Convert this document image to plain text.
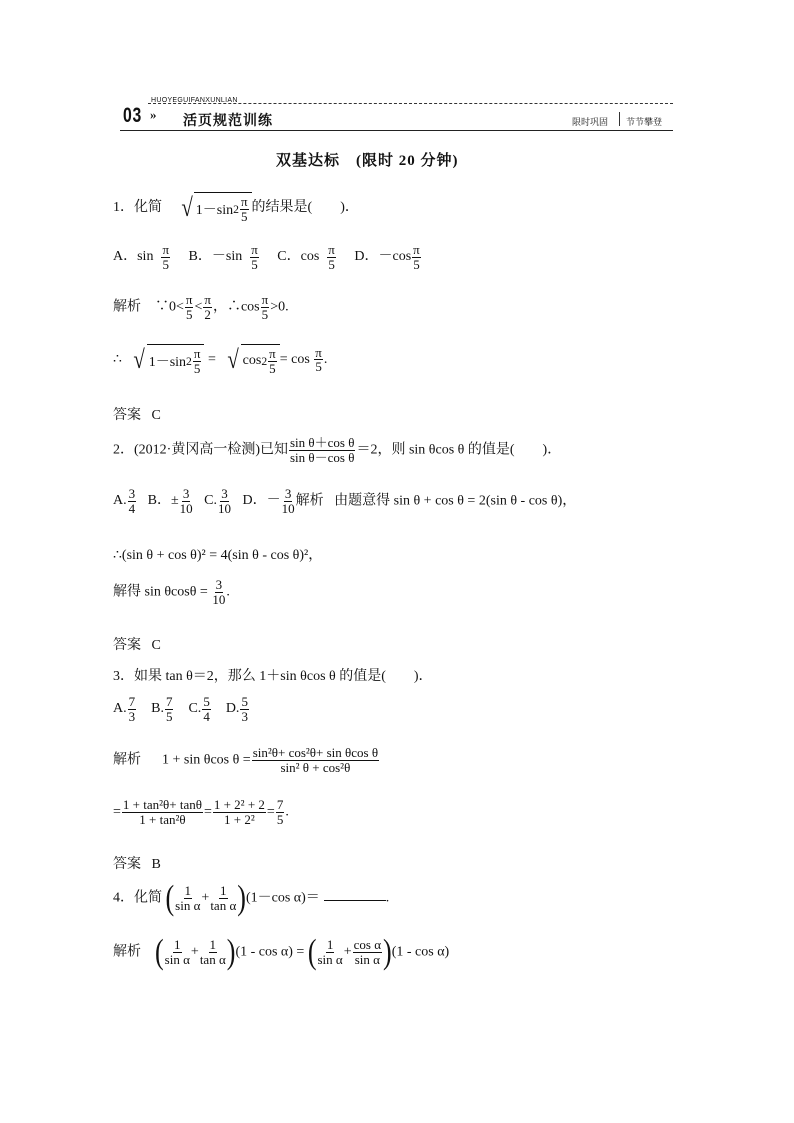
HUOYEGUIFANXUNLIAN
03 » 活页规范训练	限时巩固 节节攀登
双基达标　(限时 20 分钟)
1．化简 √ 1－sin $2 \frac{\pi}{5}$ 的结果是(　　)．
A．$\sin \frac{\pi}{5}$ B．$-\sin \frac{\pi}{5}$ C．$\cos \frac{\pi}{5}$ D．$-\cos \frac{\pi}{5}$
解析 ∵0< $\frac{\pi}{5} < \frac{\pi}{2}$ ，∴cos $\frac{\pi}{5} >0$.
∴ √ 1－sin $2 \frac{\pi}{5}$ = √ $\cos 2 \frac{\pi}{5} = \cos \frac{\pi}{5}$ .
答案 C
2．(2012·黄冈高一检测)已知 $\frac{\text{sin θ＋cos θ}}{\text{sin θ－cos θ}} =2$，则 sin θcos θ 的值是(　　)．
A. $\frac{3}{4}$ B．± $\frac{3}{10} C$. $\frac{3}{10}$ D．－ $\frac{3}{10}$ 解析 由题意得 sin θ + cos θ = 2(sin θ - cos θ)，
∴(sin θ + cos θ)² = 4(sin θ - cos θ)²，
解得 $\sin \theta\cos\theta = \frac{3}{10}$ .
答案 C
3．如果 tan θ＝2，那么 1＋sin θcos θ 的值是(　　)．
A. $\frac{7}{3} B$. $\frac{7}{5} C$. $\frac{5}{4} D$. $\frac{5}{3}$
解析 1 + sin θcos $\theta = \frac{\text{sin²θ+ cos²θ+ sin θcos θ}}{\text{sin² θ + cos²θ}}$
= $\frac{\text{1 + tan²θ+ tanθ}}{\text{1 + tan²θ}} = \frac{\text{1 + 2² + 2}}{\text{1 + 2²}} = \frac{7}{5}$ .
答案 B
4．化简 ( $\frac{1}{\text{sin α}} + \frac{1}{\text{tan α}} )(1-\cos$ α)＝	.
解析 ( $\frac{1}{\text{sin α}} + \frac{1}{\text{tan α}} )(1 - \cos \alpha)$ = ( $\frac{1}{\text{sin α}} + \frac{\text{cos α}}{\text{sin α}} )(1 - \cos \alpha)$
